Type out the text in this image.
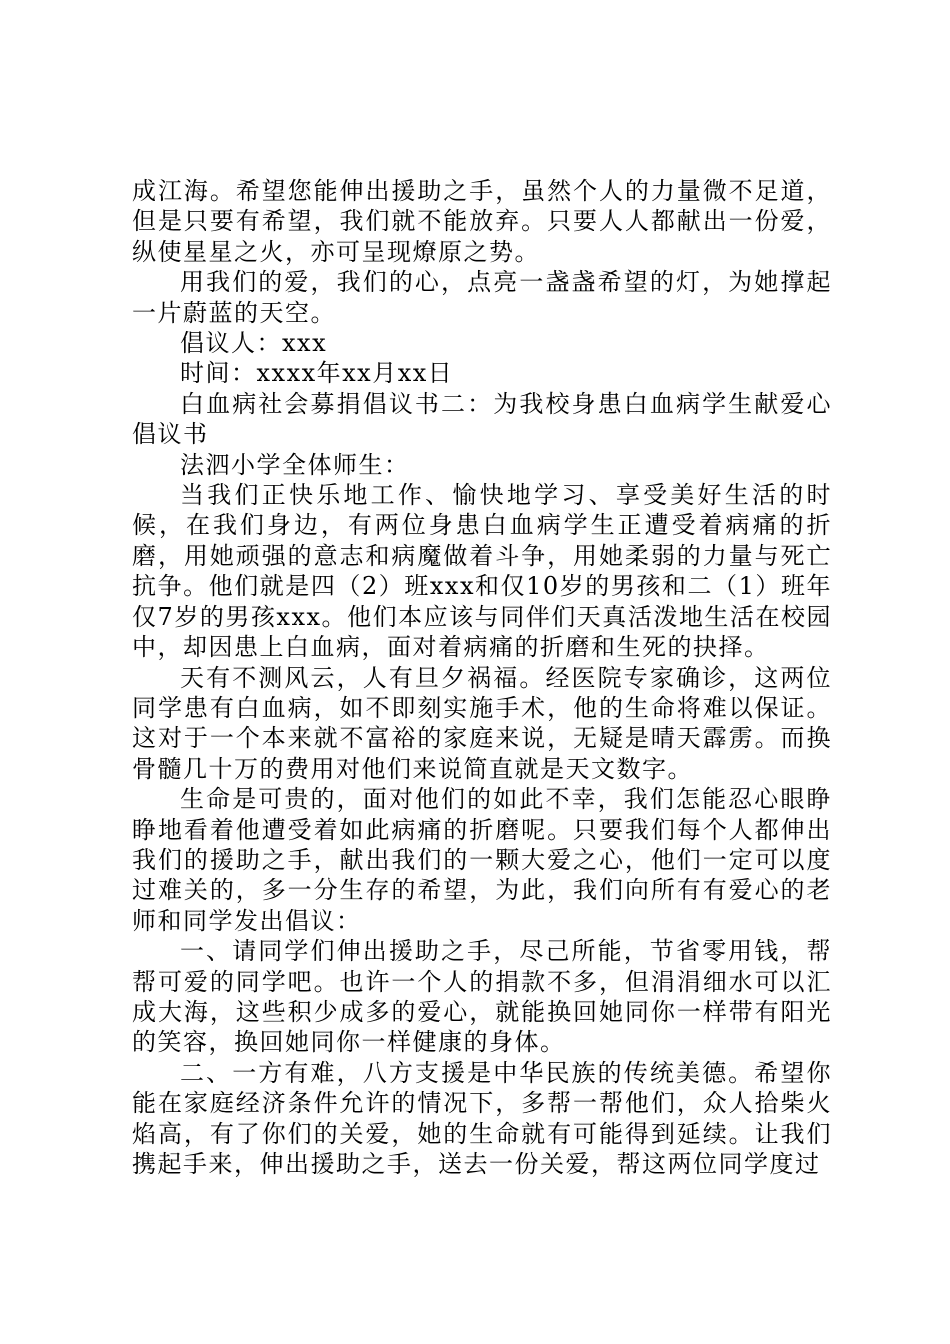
成江海。希望您能伸出援助之手，虽然个人的力量微不足道，但是只要有希望，我们就不能放弃。只要人人都献出一份爱，纵使星星之火，亦可呈现燎原之势。

用我们的爱，我们的心，点亮一盏盏希望的灯，为她撑起一片蔚蓝的天空。

倡议人：xxx

时间：xxxx年xx月xx日

白血病社会募捐倡议书二：为我校身患白血病学生献爱心倡议书

法泗小学全体师生：

当我们正快乐地工作、愉快地学习、享受美好生活的时候，在我们身边，有两位身患白血病学生正遭受着病痛的折磨，用她顽强的意志和病魔做着斗争，用她柔弱的力量与死亡抗争。他们就是四（2）班xxx和仅10岁的男孩和二（1）班年仅7岁的男孩xxx。他们本应该与同伴们天真活泼地生活在校园中，却因患上白血病，面对着病痛的折磨和生死的抉择。

天有不测风云，人有旦夕祸福。经医院专家确诊，这两位同学患有白血病，如不即刻实施手术，他的生命将难以保证。这对于一个本来就不富裕的家庭来说，无疑是晴天霹雳。而换骨髓几十万的费用对他们来说简直就是天文数字。

生命是可贵的，面对他们的如此不幸，我们怎能忍心眼睁睁地看着他遭受着如此病痛的折磨呢。只要我们每个人都伸出我们的援助之手，献出我们的一颗大爱之心，他们一定可以度过难关的，多一分生存的希望，为此，我们向所有有爱心的老师和同学发出倡议：

一、请同学们伸出援助之手，尽己所能，节省零用钱，帮帮可爱的同学吧。也许一个人的捐款不多，但涓涓细水可以汇成大海，这些积少成多的爱心，就能换回她同你一样带有阳光的笑容，换回她同你一样健康的身体。

二、一方有难，八方支援是中华民族的传统美德。希望你能在家庭经济条件允许的情况下，多帮一帮他们，众人拾柴火焰高，有了你们的关爱，她的生命就有可能得到延续。让我们携起手来，伸出援助之手，送去一份关爱，帮这两位同学度过
